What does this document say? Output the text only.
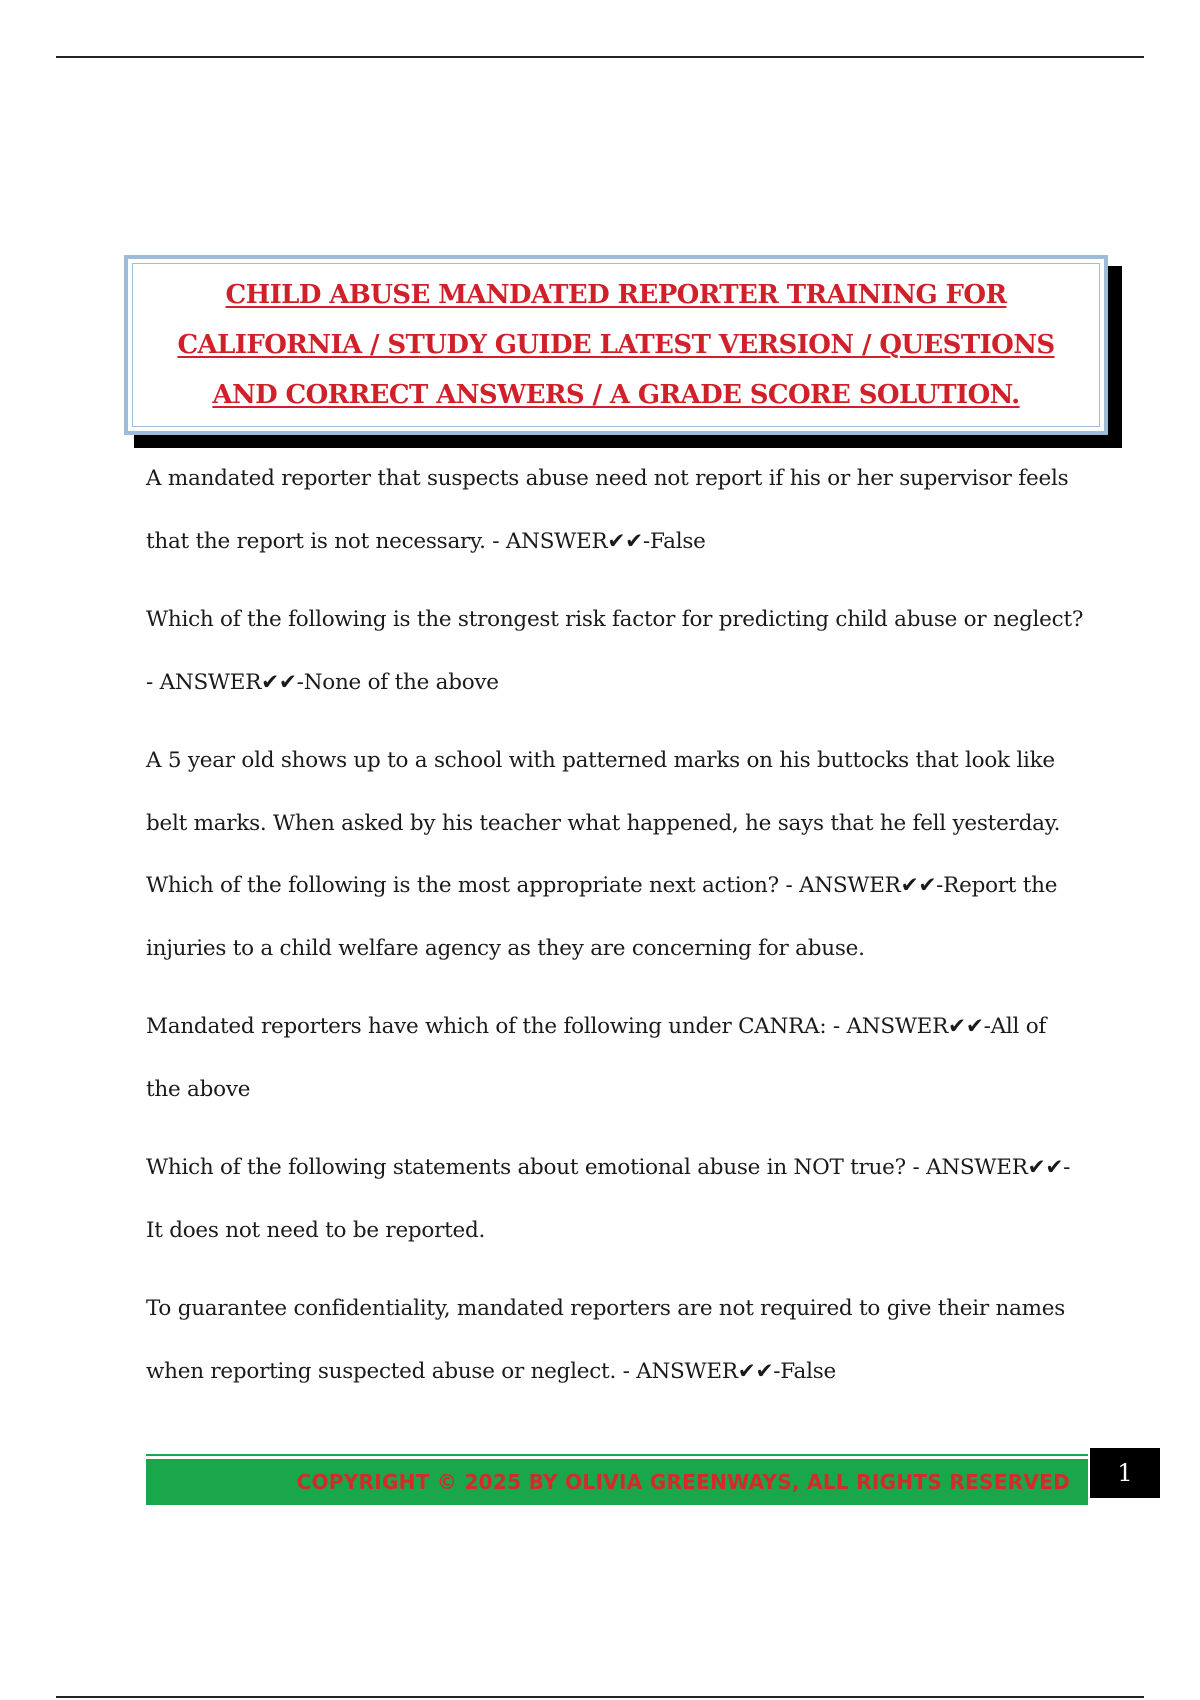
CHILD ABUSE MANDATED REPORTER TRAINING FOR
CALIFORNIA / STUDY GUIDE LATEST VERSION / QUESTIONS
AND CORRECT ANSWERS / A GRADE SCORE SOLUTION.

A mandated reporter that suspects abuse need not report if his or her supervisor feels that the report is not necessary. - ANSWER✔✔-False

Which of the following is the strongest risk factor for predicting child abuse or neglect? - ANSWER✔✔-None of the above

A 5 year old shows up to a school with patterned marks on his buttocks that look like belt marks. When asked by his teacher what happened, he says that he fell yesterday. Which of the following is the most appropriate next action? - ANSWER✔✔-Report the injuries to a child welfare agency as they are concerning for abuse.

Mandated reporters have which of the following under CANRA: - ANSWER✔✔-All of the above

Which of the following statements about emotional abuse in NOT true? - ANSWER✔✔-It does not need to be reported.

To guarantee confidentiality, mandated reporters are not required to give their names when reporting suspected abuse or neglect. - ANSWER✔✔-False

COPYRIGHT © 2025 BY OLIVIA GREENWAYS, ALL RIGHTS RESERVED	1
